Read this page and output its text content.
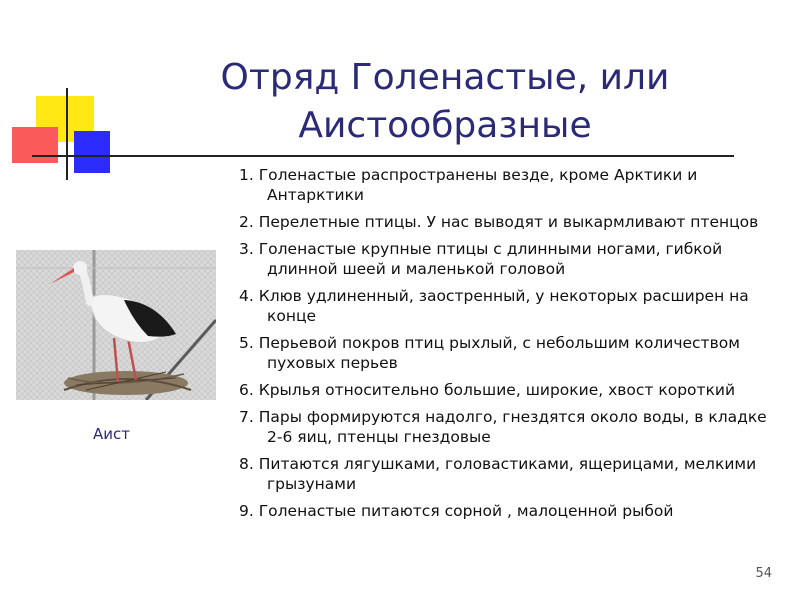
Отряд Голенастые, или Аистообразные
Аист
1. Голенастые распространены везде, кроме Арктики и Антарктики
2. Перелетные птицы. У нас выводят и выкармливают птенцов
3. Голенастые крупные птицы с длинными ногами, гибкой длинной шеей и маленькой головой
4. Клюв удлиненный, заостренный, у некоторых расширен на конце
5. Перьевой покров птиц рыхлый, с небольшим количеством пуховых перьев
6. Крылья относительно большие, широкие, хвост короткий
7. Пары формируются надолго, гнездятся около воды, в кладке 2-6 яиц, птенцы гнездовые
8. Питаются лягушками, головастиками, ящерицами, мелкими грызунами
9. Голенастые питаются сорной , малоценной рыбой
54
